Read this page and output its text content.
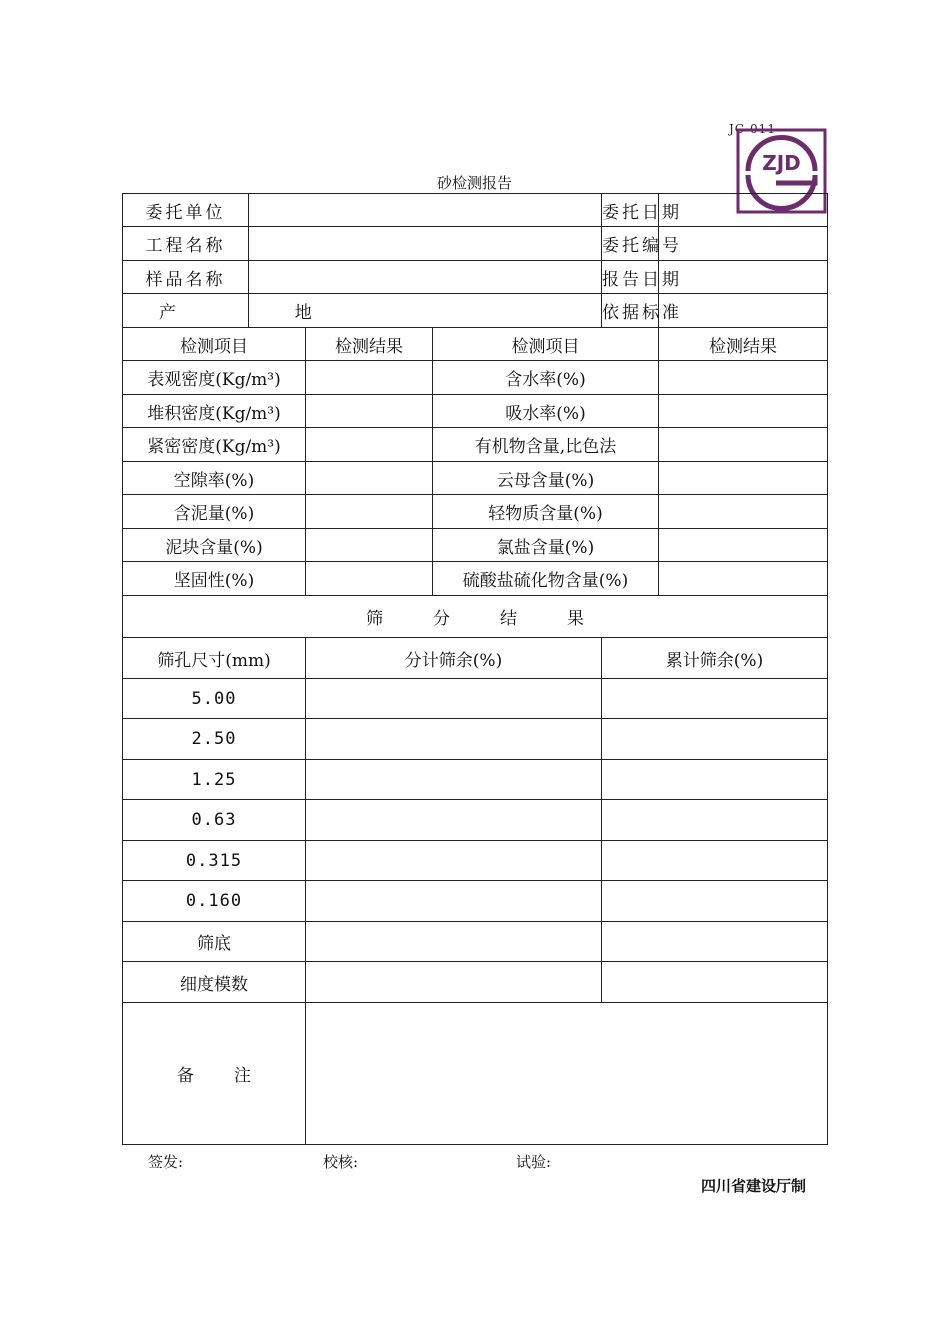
JC-011
ZJD
砂检测报告
委托单位				委托日期	
工程名称				委托编号	
样品名称				报告日期	
产  地				依据标准	
检测项目		检测结果	检测项目		检测结果
表观密度(Kg/m³)			含水率(%)		
堆积密度(Kg/m³)			吸水率(%)		
紧密密度(Kg/m³)			有机物含量,比色法		
空隙率(%)			云母含量(%)		
含泥量(%)			轻物质含量(%)		
泥块含量(%)			氯盐含量(%)		
坚固性(%)			硫酸盐硫化物含量(%)		
筛分结果					
筛孔尺寸(mm)		分计筛余(%)		累计筛余(%)	
5.00					
2.50					
1.25					
0.63					
0.315					
0.160					
筛底					
细度模数					
备注					
签发:	校核:	试验:
四川省建设厅制
